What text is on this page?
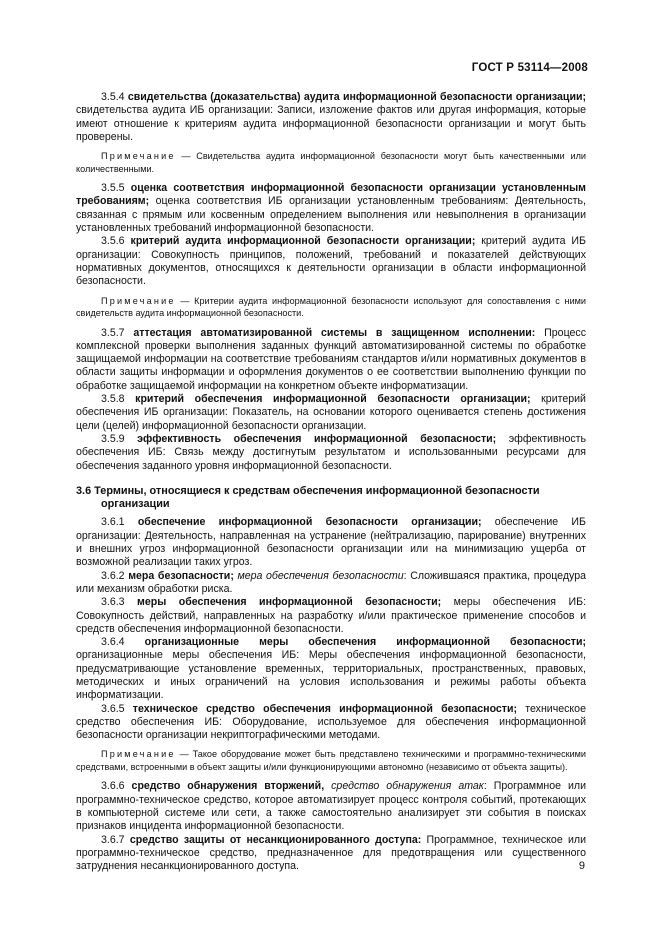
ГОСТ Р 53114—2008

3.5.4 свидетельства (доказательства) аудита информационной безопасности организации; свидетельства аудита ИБ организации: Записи, изложение фактов или другая информация, которые имеют отношение к критериям аудита информационной безопасности организации и могут быть проверены.

Примечание — Свидетельства аудита информационной безопасности могут быть качественными или количественными.

3.5.5 оценка соответствия информационной безопасности организации установленным требованиям; оценка соответствия ИБ организации установленным требованиям: Деятельность, связанная с прямым или косвенным определением выполнения или невыполнения в организации установленных требований информационной безопасности.

3.5.6 критерий аудита информационной безопасности организации; критерий аудита ИБ организации: Совокупность принципов, положений, требований и показателей действующих нормативных документов, относящихся к деятельности организации в области информационной безопасности.

Примечание — Критерии аудита информационной безопасности используют для сопоставления с ними свидетельств аудита информационной безопасности.

3.5.7 аттестация автоматизированной системы в защищенном исполнении: Процесс комплексной проверки выполнения заданных функций автоматизированной системы по обработке защищаемой информации на соответствие требованиям стандартов и/или нормативных документов в области защиты информации и оформления документов о ее соответствии выполнению функции по обработке защищаемой информации на конкретном объекте информатизации.

3.5.8 критерий обеспечения информационной безопасности организации; критерий обеспечения ИБ организации: Показатель, на основании которого оценивается степень достижения цели (целей) информационной безопасности организации.

3.5.9 эффективность обеспечения информационной безопасности; эффективность обеспечения ИБ: Связь между достигнутым результатом и использованными ресурсами для обеспечения заданного уровня информационной безопасности.

3.6 Термины, относящиеся к средствам обеспечения информационной безопасности
организации

3.6.1 обеспечение информационной безопасности организации; обеспечение ИБ организации: Деятельность, направленная на устранение (нейтрализацию, парирование) внутренних и внешних угроз информационной безопасности организации или на минимизацию ущерба от возможной реализации таких угроз.

3.6.2 мера безопасности; мера обеспечения безопасности: Сложившаяся практика, процедура или механизм обработки риска.

3.6.3 меры обеспечения информационной безопасности; меры обеспечения ИБ: Совокупность действий, направленных на разработку и/или практическое применение способов и средств обеспечения информационной безопасности.

3.6.4 организационные меры обеспечения информационной безопасности; организационные меры обеспечения ИБ: Меры обеспечения информационной безопасности, предусматривающие установление временных, территориальных, пространственных, правовых, методических и иных ограничений на условия использования и режимы работы объекта информатизации.

3.6.5 техническое средство обеспечения информационной безопасности; техническое средство обеспечения ИБ: Оборудование, используемое для обеспечения информационной безопасности организации некриптографическими методами.

Примечание — Такое оборудование может быть представлено техническими и программно-техническими средствами, встроенными в объект защиты и/или функционирующими автономно (независимо от объекта защиты).

3.6.6 средство обнаружения вторжений, средство обнаружения атак: Программное или программно-техническое средство, которое автоматизирует процесс контроля событий, протекающих в компьютерной системе или сети, а также самостоятельно анализирует эти события в поисках признаков инцидента информационной безопасности.

3.6.7 средство защиты от несанкционированного доступа: Программное, техническое или программно-техническое средство, предназначенное для предотвращения или существенного затруднения несанкционированного доступа.	9
